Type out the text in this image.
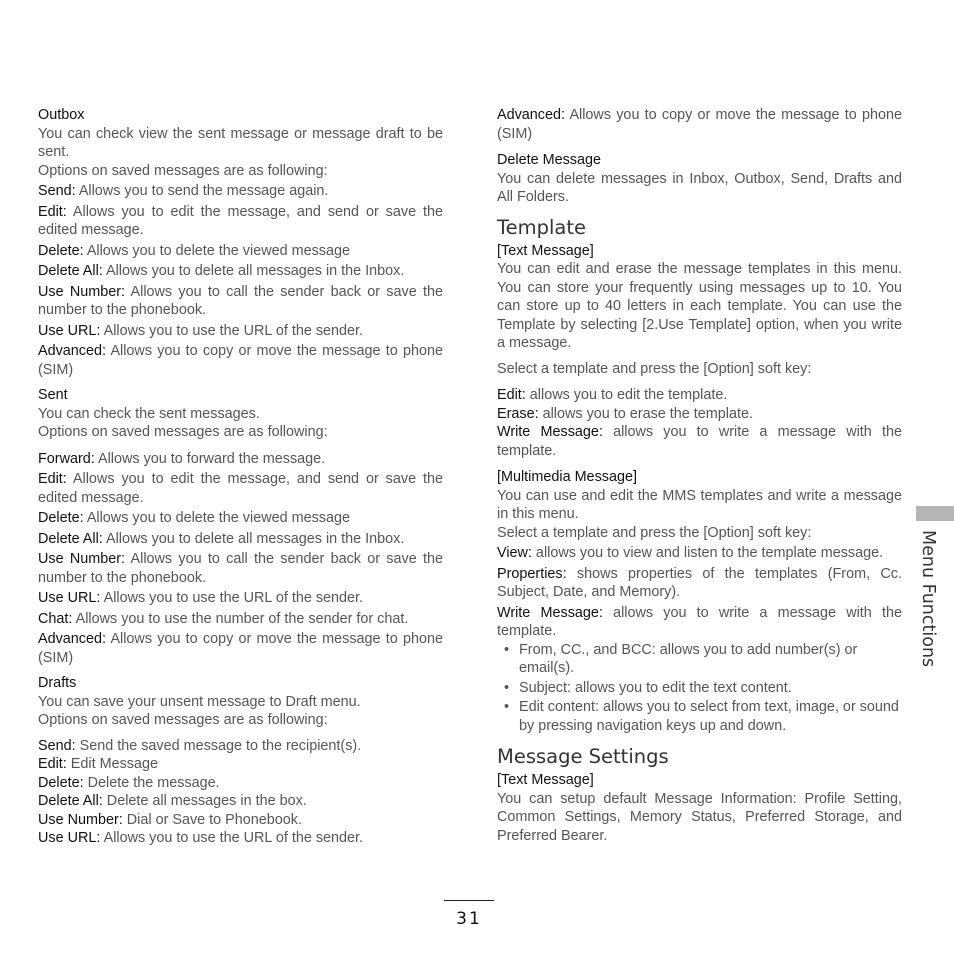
Outbox
You can check view the sent message or message draft to be sent.
Options on saved messages are as following:
Send: Allows you to send the message again.
Edit: Allows you to edit the message, and send or save the edited message.
Delete: Allows you to delete the viewed message
Delete All: Allows you to delete all messages in the Inbox.
Use Number: Allows you to call the sender back or save the number to the phonebook.
Use URL: Allows you to use the URL of the sender.
Advanced: Allows you to copy or move the message to phone (SIM)
Sent
You can check the sent messages.
Options on saved messages are as following:
Forward: Allows you to forward the message.
Edit: Allows you to edit the message, and send or save the edited message.
Delete: Allows you to delete the viewed message
Delete All: Allows you to delete all messages in the Inbox.
Use Number: Allows you to call the sender back or save the number to the phonebook.
Use URL: Allows you to use the URL of the sender.
Chat: Allows you to use the number of the sender for chat.
Advanced: Allows you to copy or move the message to phone (SIM)
Drafts
You can save your unsent message to Draft menu.
Options on saved messages are as following:
Send: Send the saved message to the recipient(s).
Edit: Edit Message
Delete: Delete the message.
Delete All: Delete all messages in the box.
Use Number: Dial or Save to Phonebook.
Use URL: Allows you to use the URL of the sender.
Advanced: Allows you to copy or move the message to phone (SIM)
Delete Message
You can delete messages in Inbox, Outbox, Send, Drafts and All Folders.
Template
[Text Message]
You can edit and erase the message templates in this menu. You can store your frequently using messages up to 10. You can store up to 40 letters in each template. You can use the Template by selecting [2.Use Template] option, when you write a message.
Select a template and press the [Option] soft key:
Edit: allows you to edit the template.
Erase: allows you to erase the template.
Write Message: allows you to write a message with the template.
[Multimedia Message]
You can use and edit the MMS templates and write a message in this menu.
Select a template and press the [Option] soft key:
View: allows you to view and listen to the template message.
Properties: shows properties of the templates (From, Cc. Subject, Date, and Memory).
Write Message: allows you to write a message with the template.
• From, CC., and BCC: allows you to add number(s) or email(s).
• Subject: allows you to edit the text content.
• Edit content: allows you to select from text, image, or sound by pressing navigation keys up and down.
Message Settings
[Text Message]
You can setup default Message Information: Profile Setting, Common Settings, Memory Status, Preferred Storage, and Preferred Bearer.
Menu Functions
31
